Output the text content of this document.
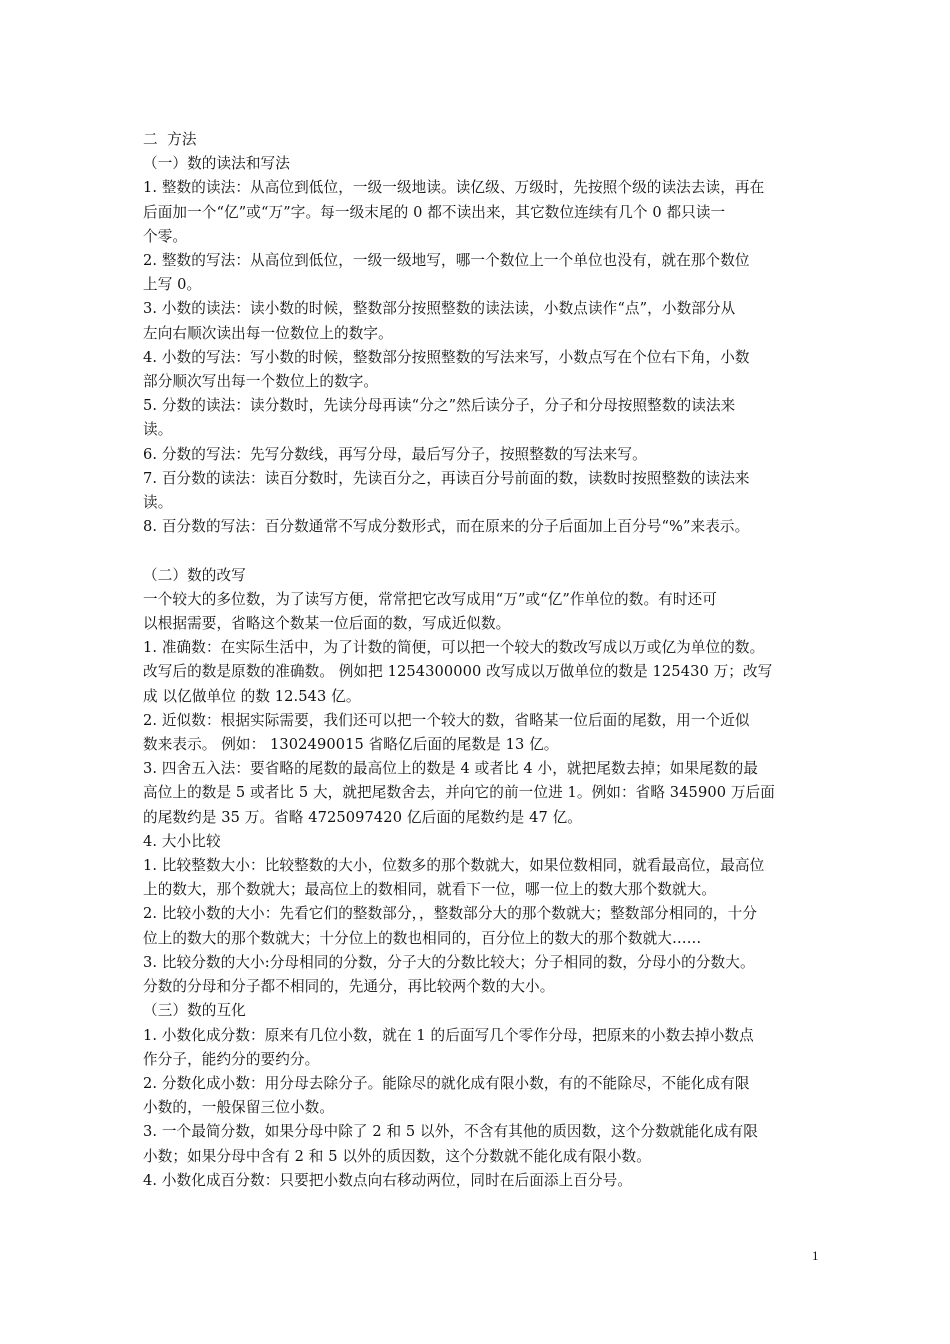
二  方法
（一）数的读法和写法
1. 整数的读法：从高位到低位，一级一级地读。读亿级、万级时，先按照个级的读法去读，再在
后面加一个“亿”或“万”字。每一级末尾的 0 都不读出来，其它数位连续有几个 0 都只读一
个零。
2. 整数的写法：从高位到低位，一级一级地写，哪一个数位上一个单位也没有，就在那个数位
上写 0。
3. 小数的读法：读小数的时候，整数部分按照整数的读法读，小数点读作“点”，小数部分从
左向右顺次读出每一位数位上的数字。
4. 小数的写法：写小数的时候，整数部分按照整数的写法来写，小数点写在个位右下角，小数
部分顺次写出每一个数位上的数字。
5. 分数的读法：读分数时，先读分母再读“分之”然后读分子，分子和分母按照整数的读法来
读。
6. 分数的写法：先写分数线，再写分母，最后写分子，按照整数的写法来写。
7. 百分数的读法：读百分数时，先读百分之，再读百分号前面的数，读数时按照整数的读法来
读。
8. 百分数的写法：百分数通常不写成分数形式，而在原来的分子后面加上百分号“%”来表示。
（二）数的改写
一个较大的多位数，为了读写方便，常常把它改写成用“万”或“亿”作单位的数。有时还可
以根据需要，省略这个数某一位后面的数，写成近似数。
1. 准确数：在实际生活中，为了计数的简便，可以把一个较大的数改写成以万或亿为单位的数。
改写后的数是原数的准确数。 例如把 1254300000 改写成以万做单位的数是 125430 万；改写
成 以亿做单位 的数 12.543 亿。
2. 近似数：根据实际需要，我们还可以把一个较大的数，省略某一位后面的尾数，用一个近似
数来表示。 例如： 1302490015 省略亿后面的尾数是 13 亿。
3. 四舍五入法：要省略的尾数的最高位上的数是 4 或者比 4 小，就把尾数去掉；如果尾数的最
高位上的数是 5 或者比 5 大，就把尾数舍去，并向它的前一位进 1。例如：省略 345900 万后面
的尾数约是 35 万。省略 4725097420 亿后面的尾数约是 47 亿。
4. 大小比较
1. 比较整数大小：比较整数的大小，位数多的那个数就大，如果位数相同，就看最高位，最高位
上的数大，那个数就大；最高位上的数相同，就看下一位，哪一位上的数大那个数就大。
2. 比较小数的大小：先看它们的整数部分，，整数部分大的那个数就大；整数部分相同的，十分
位上的数大的那个数就大；十分位上的数也相同的，百分位上的数大的那个数就大……
3. 比较分数的大小:分母相同的分数，分子大的分数比较大；分子相同的数，分母小的分数大。
分数的分母和分子都不相同的，先通分，再比较两个数的大小。
（三）数的互化
1. 小数化成分数：原来有几位小数，就在 1 的后面写几个零作分母，把原来的小数去掉小数点
作分子，能约分的要约分。
2. 分数化成小数：用分母去除分子。能除尽的就化成有限小数，有的不能除尽，不能化成有限
小数的，一般保留三位小数。
3. 一个最简分数，如果分母中除了 2 和 5 以外，不含有其他的质因数，这个分数就能化成有限
小数；如果分母中含有 2 和 5 以外的质因数，这个分数就不能化成有限小数。
4. 小数化成百分数：只要把小数点向右移动两位，同时在后面添上百分号。
1
